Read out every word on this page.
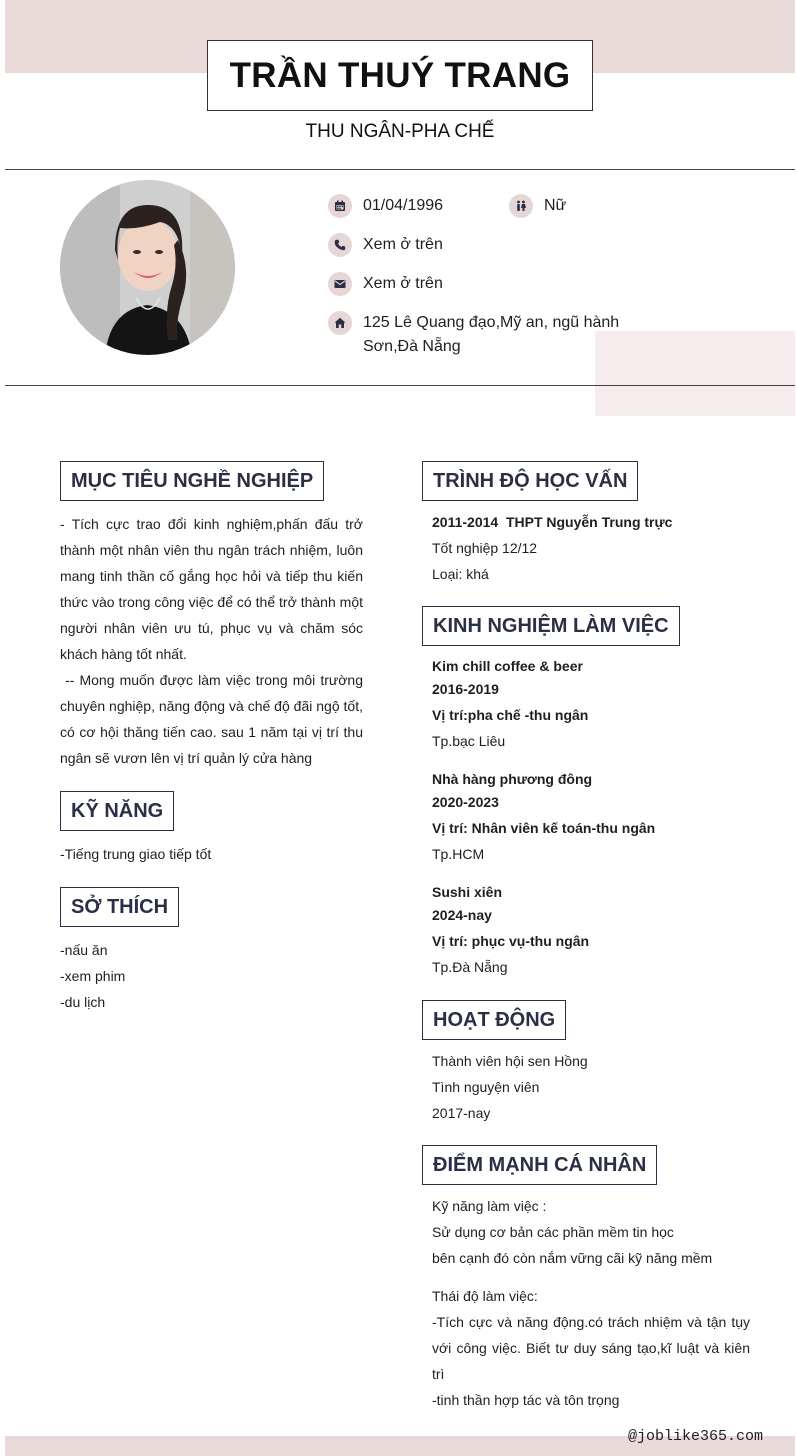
TRẦN THUÝ TRANG
THU NGÂN-PHA CHẾ
01/04/1996	Nữ
Xem ở trên
Xem ở trên
125 Lê Quang đạo,Mỹ an, ngũ hành Sơn,Đà Nẵng
MỤC TIÊU NGHỀ NGHIỆP

- Tích cực trao đổi kinh nghiệm,phấn đấu trở thành một nhân viên thu ngân trách nhiệm, luôn mang tinh thần cố gắng học hỏi và tiếp thu kiến thức vào trong công việc để có thể trở thành một người nhân viên ưu tú, phục vụ và chăm sóc khách hàng tốt nhất.

-- Mong muốn được làm việc trong môi trường chuyên nghiệp, năng động và chế độ đãi ngộ tốt, có cơ hội thăng tiến cao. sau 1 năm tại vị trí thu ngân sẽ vươn lên vị trí quản lý cửa hàng

KỸ NĂNG
-Tiếng trung giao tiếp tốt
SỞ THÍCH
-nấu ăn
-xem phim
-du lịch
TRÌNH ĐỘ HỌC VẤN
2011-2014  THPT Nguyễn Trung trực
Tốt nghiệp 12/12
Loại: khá
KINH NGHIỆM LÀM VIỆC
Kim chill coffee & beer
2016-2019
Vị trí:pha chế -thu ngân
Tp.bạc Liêu
Nhà hàng phương đông
2020-2023
Vị trí: Nhân viên kế toán-thu ngân
Tp.HCM
Sushi xiên
2024-nay
Vị trí: phục vụ-thu ngân
Tp.Đà Nẵng
HOẠT ĐỘNG
Thành viên hội sen Hồng
Tình nguyện viên
2017-nay
ĐIỂM MẠNH CÁ NHÂN
Kỹ năng làm việc :
Sử dụng cơ bản các phần mềm tin học
bên cạnh đó còn nắm vững cãi kỹ năng mềm
Thái độ làm việc:
-Tích cực và năng động.có trách nhiệm và tận tụy với công việc. Biết tư duy sáng tạo,kĩ luật và kiên trì
-tinh thần hợp tác và tôn trọng
@joblike365.com
